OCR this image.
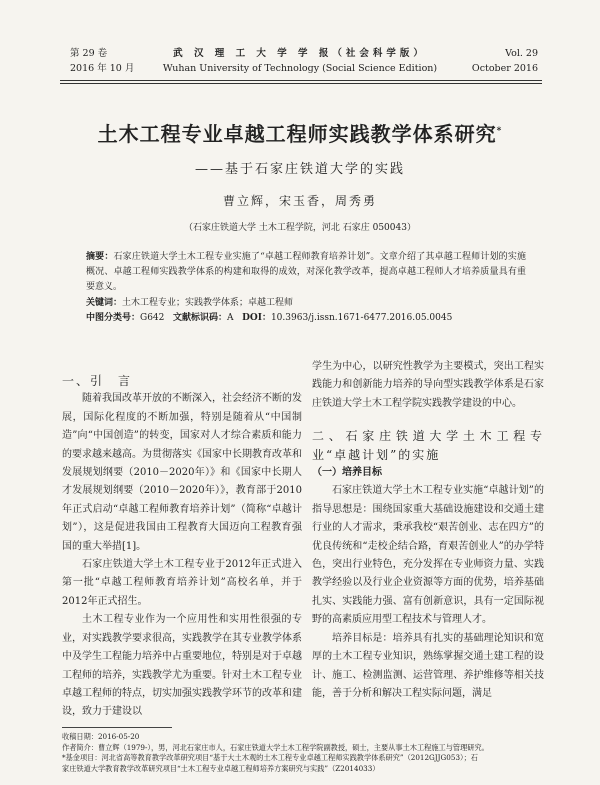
第 29 卷
2016 年 10 月
武 汉 理 工 大 学 学 报（社会科学版）
Wuhan University of Technology (Social Science Edition)
Vol. 29
October 2016
土木工程专业卓越工程师实践教学体系研究*
——基于石家庄铁道大学的实践
曹立辉，宋玉香，周秀勇
（石家庄铁道大学 土木工程学院，河北 石家庄 050043）
摘要：石家庄铁道大学土木工程专业实施了“卓越工程师教育培养计划”。文章介绍了其卓越工程师计划的实施概况、卓越工程师实践教学体系的构建和取得的成效，对深化教学改革，提高卓越工程师人才培养质量具有重要意义。
关键词：土木工程专业；实践教学体系；卓越工程师
中图分类号：G642 文献标识码：A DOI：10.3963/j.issn.1671-6477.2016.05.0045

一、引　言

随着我国改革开放的不断深入，社会经济不断的发展，国际化程度的不断加强，特别是随着从“中国制造”向“中国创造”的转变，国家对人才综合素质和能力的要求越来越高。为贯彻落实《国家中长期教育改革和发展规划纲要（2010－2020年）》和《国家中长期人才发展规划纲要（2010－2020年）》，教育部于2010年正式启动“卓越工程师教育培养计划”（简称“卓越计划”），这是促进我国由工程教育大国迈向工程教育强国的重大举措[1]。

石家庄铁道大学土木工程专业于2012年正式进入第一批“卓越工程师教育培养计划”高校名单，并于2012年正式招生。

土木工程专业作为一个应用性和实用性很强的专业，对实践教学要求很高，实践教学在其专业教学体系中及学生工程能力培养中占重要地位，特别是对于卓越工程师的培养，实践教学尤为重要。针对土木工程专业卓越工程师的特点，切实加强实践教学环节的改革和建设，致力于建设以

学生为中心，以研究性教学为主要模式，突出工程实践能力和创新能力培养的导向型实践教学体系是石家庄铁道大学土木工程学院实践教学建设的中心。

二、石家庄铁道大学土木工程专业“卓越计划”的实施

（一）培养目标

石家庄铁道大学土木工程专业实施“卓越计划”的指导思想是：围绕国家重大基础设施建设和交通土建行业的人才需求，秉承我校“艰苦创业、志在四方”的优良传统和“走校企结合路，育艰苦创业人”的办学特色，突出行业特色，充分发挥在专业师资力量、实践教学经验以及行业企业资源等方面的优势，培养基础扎实、实践能力强、富有创新意识，具有一定国际视野的高素质应用型工程技术与管理人才。

培养目标是：培养具有扎实的基础理论知识和宽厚的土木工程专业知识，熟练掌握交通土建工程的设计、施工、检测监测、运营管理、养护维修等相关技能，善于分析和解决工程实际问题，满足

收稿日期：2016-05-20
作者简介：曹立辉（1979-），男，河北石家庄市人，石家庄铁道大学土木工程学院副教授，硕士，主要从事土木工程施工与管理研究。
*基金项目：河北省高等教育教学改革研究项目“基于大土木观的土木工程专业卓越工程师实践教学体系研究”（2012GJJG053）；石
家庄铁道大学教育教学改革研究项目“土木工程专业卓越工程师培养方案研究与实践”（Z2014033）
